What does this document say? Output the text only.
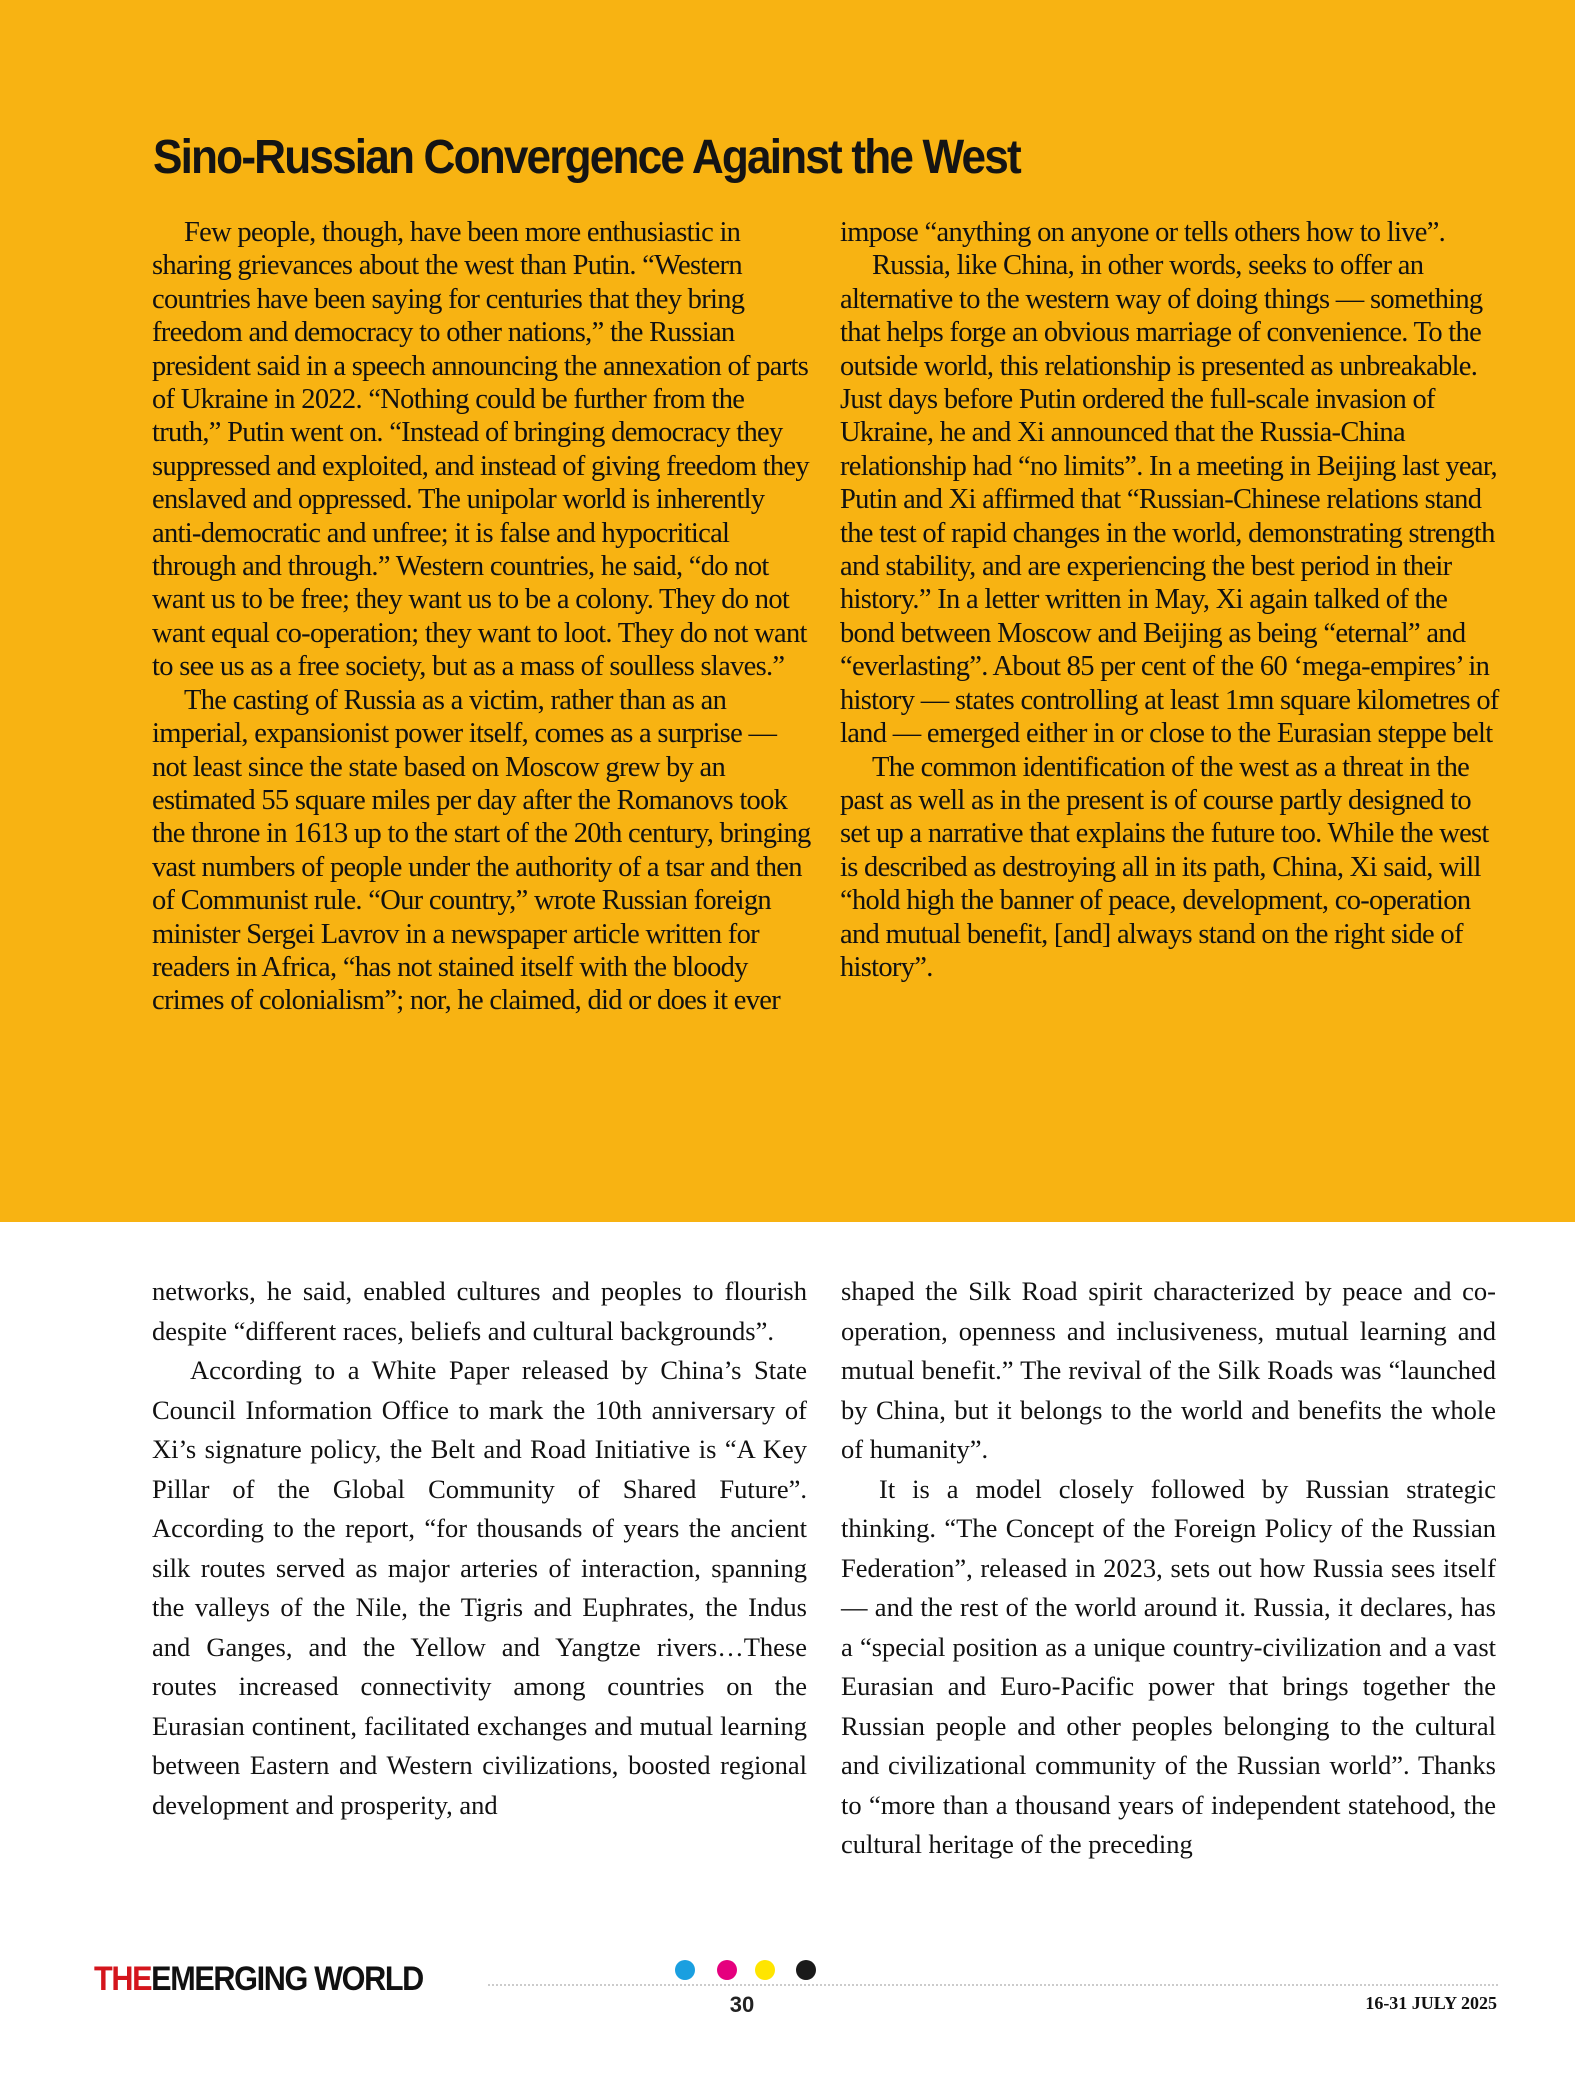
Sino-Russian Convergence Against the West

Few people, though, have been more enthusiastic in sharing grievances about the west than Putin. “Western countries have been saying for centuries that they bring freedom and democracy to other nations,” the Russian president said in a speech announcing the annexation of parts of Ukraine in 2022. “Nothing could be further from the truth,” Putin went on. “Instead of bringing democracy they suppressed and exploited, and instead of giving freedom they enslaved and oppressed. The unipolar world is inherently anti-democratic and unfree; it is false and hypocritical through and through.” Western countries, he said, “do not want us to be free; they want us to be a colony. They do not want equal co-operation; they want to loot. They do not want to see us as a free society, but as a mass of soulless slaves.”

The casting of Russia as a victim, rather than as an imperial, expansionist power itself, comes as a surprise — not least since the state based on Moscow grew by an estimated 55 square miles per day after the Romanovs took the throne in 1613 up to the start of the 20th century, bringing vast numbers of people under the authority of a tsar and then of Communist rule. “Our country,” wrote Russian foreign minister Sergei Lavrov in a newspaper article written for readers in Africa, “has not stained itself with the bloody crimes of colonialism”; nor, he claimed, did or does it ever

impose “anything on anyone or tells others how to live”.

Russia, like China, in other words, seeks to offer an alternative to the western way of doing things — something that helps forge an obvious marriage of convenience. To the outside world, this relationship is presented as unbreakable. Just days before Putin ordered the full-scale invasion of Ukraine, he and Xi announced that the Russia-China relationship had “no limits”. In a meeting in Beijing last year, Putin and Xi affirmed that “Russian-Chinese relations stand the test of rapid changes in the world, demonstrating strength and stability, and are experiencing the best period in their history.” In a letter written in May, Xi again talked of the bond between Moscow and Beijing as being “eternal” and “everlasting”. About 85 per cent of the 60 ‘mega-empires’ in history — states controlling at least 1mn square kilometres of land — emerged either in or close to the Eurasian steppe belt

The common identification of the west as a threat in the past as well as in the present is of course partly designed to set up a narrative that explains the future too. While the west is described as destroying all in its path, China, Xi said, will “hold high the banner of peace, development, co-operation and mutual benefit, [and] always stand on the right side of history”.

networks, he said, enabled cultures and peoples to flourish despite “different races, beliefs and cultural backgrounds”.

According to a White Paper released by China’s State Council Information Office to mark the 10th anniversary of Xi’s signature policy, the Belt and Road Initiative is “A Key Pillar of the Global Community of Shared Future”. According to the report, “for thousands of years the ancient silk routes served as major arteries of interaction, spanning the valleys of the Nile, the Tigris and Euphrates, the Indus and Ganges, and the Yellow and Yangtze rivers…These routes increased connectivity among countries on the Eurasian continent, facilitated exchanges and mutual learning between Eastern and Western civilizations, boosted regional development and prosperity, and

shaped the Silk Road spirit characterized by peace and co-operation, openness and inclusiveness, mutual learning and mutual benefit.” The revival of the Silk Roads was “launched by China, but it belongs to the world and benefits the whole of humanity”.

It is a model closely followed by Russian strategic thinking. “The Concept of the Foreign Policy of the Russian Federation”, released in 2023, sets out how Russia sees itself — and the rest of the world around it. Russia, it declares, has a “special position as a unique country-civilization and a vast Eurasian and Euro-Pacific power that brings together the Russian people and other peoples belonging to the cultural and civilizational community of the Russian world”. Thanks to “more than a thousand years of independent statehood, the cultural heritage of the preceding

THEEMERGING WORLD
30	16-31 JULY 2025
